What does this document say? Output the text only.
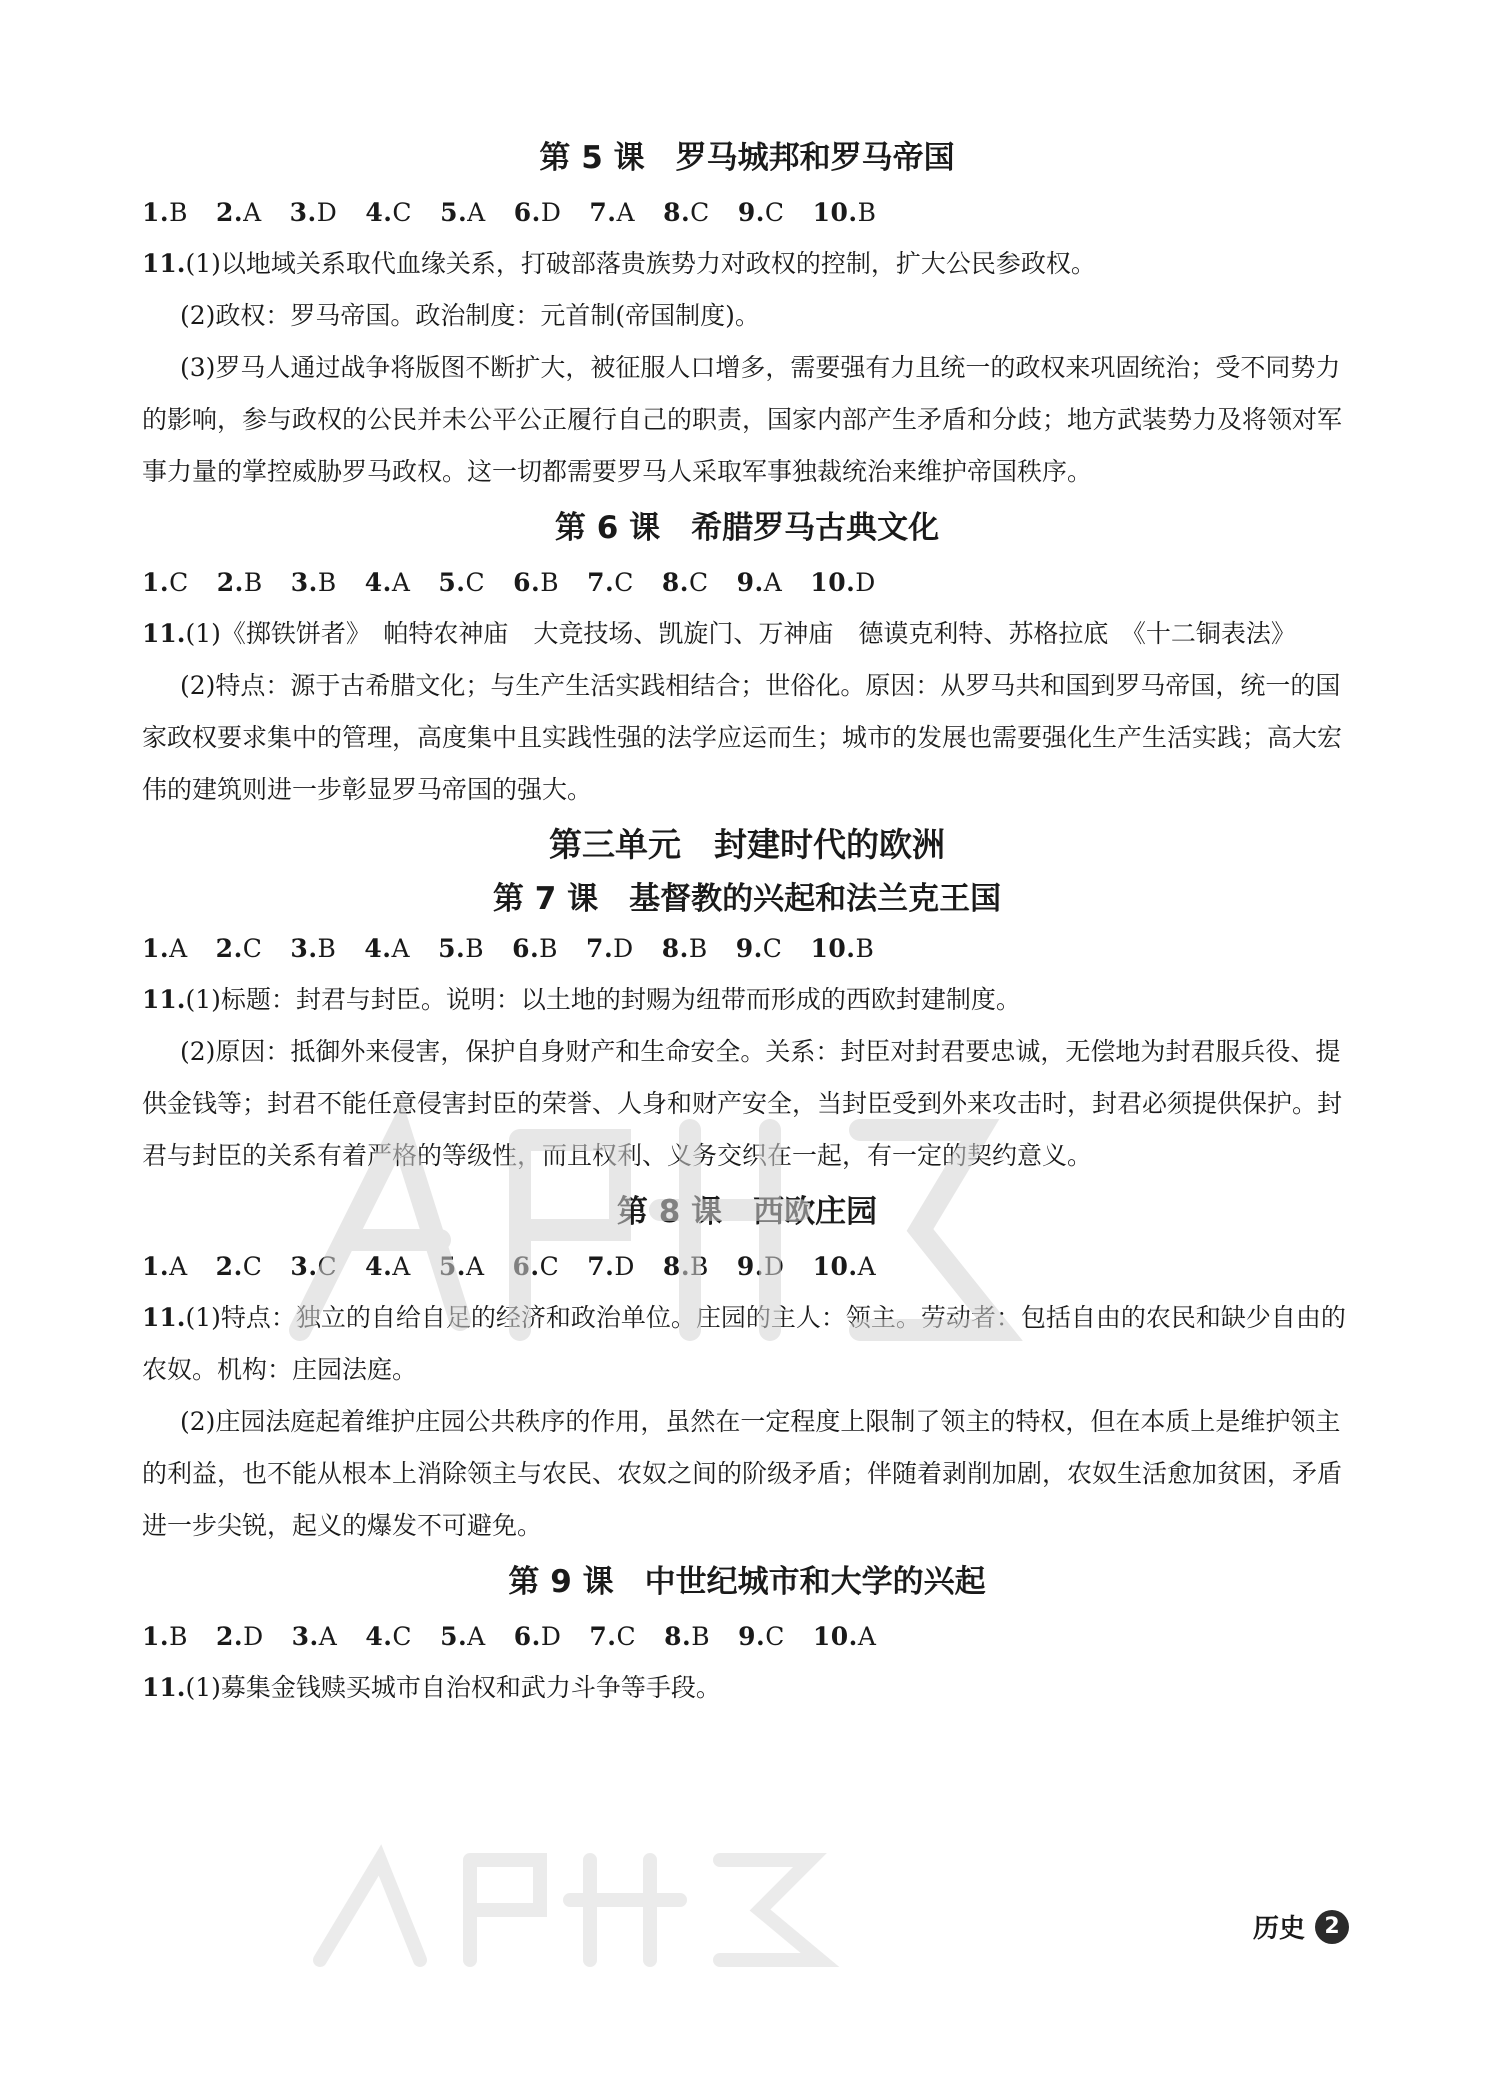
第 5 课　罗马城邦和罗马帝国
1.B 2.A 3.D 4.C 5.A 6.D 7.A 8.C 9.C 10.B
11.(1)以地域关系取代血缘关系，打破部落贵族势力对政权的控制，扩大公民参政权。
(2)政权：罗马帝国。政治制度：元首制(帝国制度)。
(3)罗马人通过战争将版图不断扩大，被征服人口增多，需要强有力且统一的政权来巩固统治；受不同势力的影响，参与政权的公民并未公平公正履行自己的职责，国家内部产生矛盾和分歧；地方武装势力及将领对军事力量的掌控威胁罗马政权。这一切都需要罗马人采取军事独裁统治来维护帝国秩序。
第 6 课　希腊罗马古典文化
1.C 2.B 3.B 4.A 5.C 6.B 7.C 8.C 9.A 10.D
11.(1)《掷铁饼者》　帕特农神庙　大竞技场、凯旋门、万神庙　德谟克利特、苏格拉底　《十二铜表法》
(2)特点：源于古希腊文化；与生产生活实践相结合；世俗化。原因：从罗马共和国到罗马帝国，统一的国家政权要求集中的管理，高度集中且实践性强的法学应运而生；城市的发展也需要强化生产生活实践；高大宏伟的建筑则进一步彰显罗马帝国的强大。
第三单元　封建时代的欧洲
第 7 课　基督教的兴起和法兰克王国
1.A 2.C 3.B 4.A 5.B 6.B 7.D 8.B 9.C 10.B
11.(1)标题：封君与封臣。说明：以土地的封赐为纽带而形成的西欧封建制度。
(2)原因：抵御外来侵害，保护自身财产和生命安全。关系：封臣对封君要忠诚，无偿地为封君服兵役、提供金钱等；封君不能任意侵害封臣的荣誉、人身和财产安全，当封臣受到外来攻击时，封君必须提供保护。封君与封臣的关系有着严格的等级性，而且权利、义务交织在一起，有一定的契约意义。
第 8 课　西欧庄园
1.A 2.C 3.C 4.A 5.A 6.C 7.D 8.B 9.D 10.A
11.(1)特点：独立的自给自足的经济和政治单位。庄园的主人：领主。劳动者：包括自由的农民和缺少自由的农奴。机构：庄园法庭。
(2)庄园法庭起着维护庄园公共秩序的作用，虽然在一定程度上限制了领主的特权，但在本质上是维护领主的利益，也不能从根本上消除领主与农民、农奴之间的阶级矛盾；伴随着剥削加剧，农奴生活愈加贫困，矛盾进一步尖锐，起义的爆发不可避免。
第 9 课　中世纪城市和大学的兴起
1.B 2.D 3.A 4.C 5.A 6.D 7.C 8.B 9.C 10.A
11.(1)募集金钱赎买城市自治权和武力斗争等手段。
历史 2
